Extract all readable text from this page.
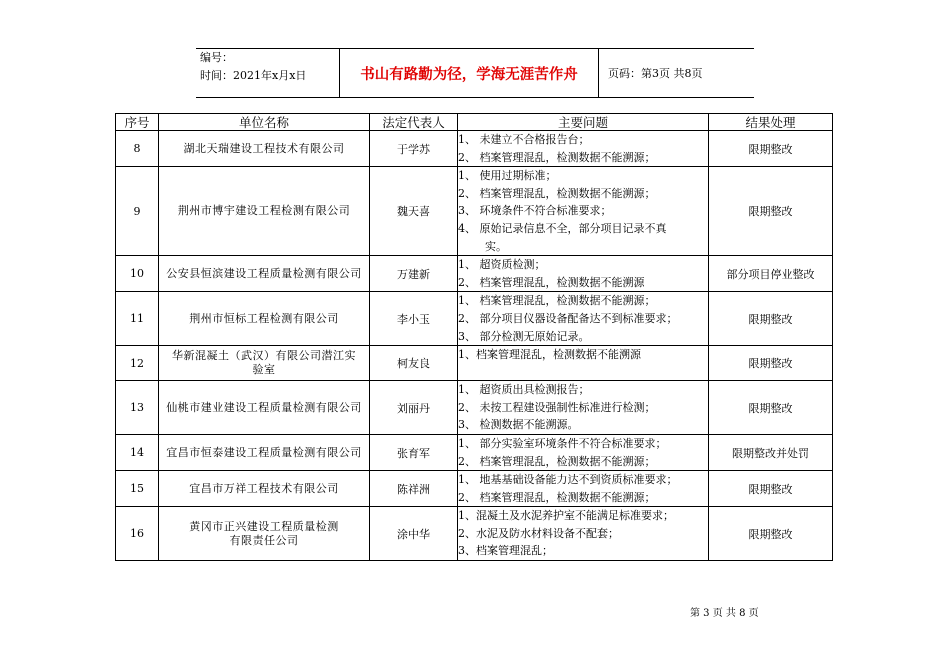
编号：
时间：2021年x月x日	书山有路勤为径，学海无涯苦作舟	页码：第3页 共8页
序号	单位名称	法定代表人	主要问题	结果处理
8	湖北天瑞建设工程技术有限公司	于学苏	1、 未建立不合格报告台；
2、 档案管理混乱，检测数据不能溯源；	限期整改
9	荆州市博宇建设工程检测有限公司	魏天喜	1、 使用过期标准；
2、 档案管理混乱，检测数据不能溯源；
3、 环境条件不符合标准要求；
4、 原始记录信息不全，部分项目记录不真
实。	限期整改
10	公安县恒滨建设工程质量检测有限公司	万建新	1、 超资质检测；
2、 档案管理混乱，检测数据不能溯源	部分项目停业整改
11	荆州市恒标工程检测有限公司	李小玉	1、 档案管理混乱，检测数据不能溯源；
2、 部分项目仪器设备配备达不到标准要求；
3、 部分检测无原始记录。	限期整改
12	华新混凝土（武汉）有限公司潜江实验室	柯友良	1、档案管理混乱，检测数据不能溯源	限期整改
13	仙桃市建业建设工程质量检测有限公司	刘丽丹	1、 超资质出具检测报告；
2、 未按工程建设强制性标准进行检测；
3、 检测数据不能溯源。	限期整改
14	宜昌市恒泰建设工程质量检测有限公司	张育军	1、 部分实验室环境条件不符合标准要求；
2、 档案管理混乱，检测数据不能溯源；	限期整改并处罚
15	宜昌市万祥工程技术有限公司	陈祥洲	1、 地基基础设备能力达不到资质标准要求；
2、 档案管理混乱，检测数据不能溯源；	限期整改
16	黄冈市正兴建设工程质量检测有限责任公司	涂中华	1、混凝土及水泥养护室不能满足标准要求；
2、水泥及防水材料设备不配套；
3、档案管理混乱；	限期整改
第 3 页 共 8 页
